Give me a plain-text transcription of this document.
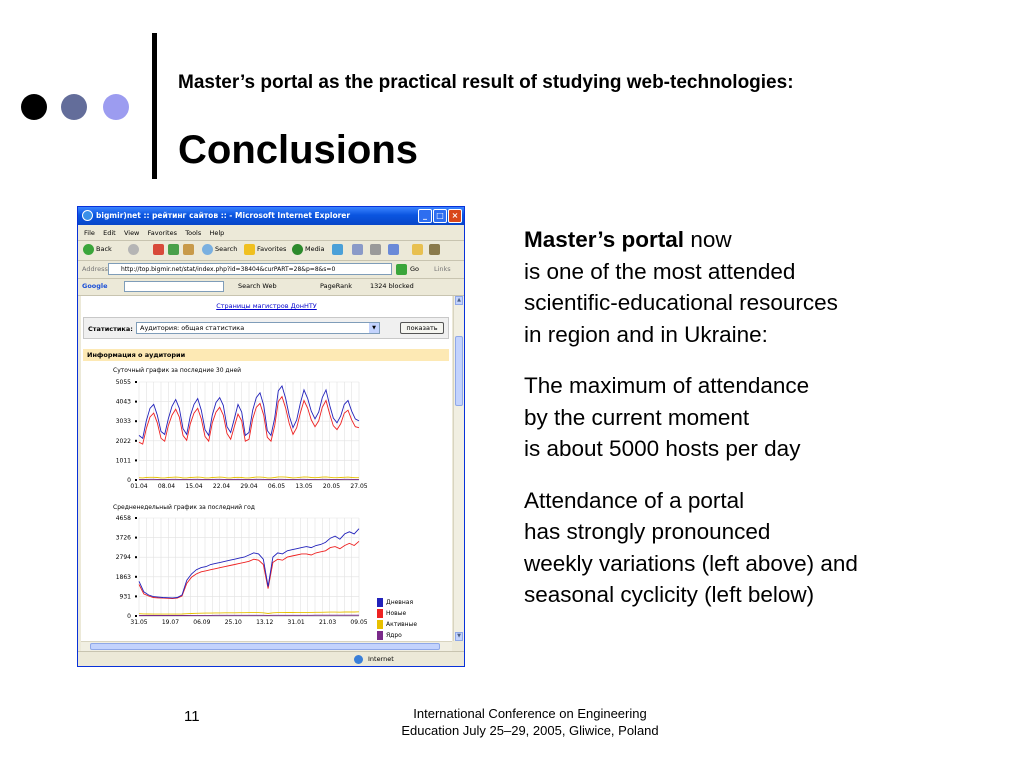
Master’s portal as the practical result of studying web-technologies:
Conclusions
Master’s portal now
is one of the most attended
scientific-educational resources
in region and in Ukraine:
The maximum of attendance
by the current moment
is about 5000 hosts per day
Attendance of a portal
has strongly pronounced
weekly variations (left above) and
seasonal cyclicity (left below)
11	International Conference on Engineering
Education July 25–29, 2005, Gliwice, Poland
bigmir)net :: рейтинг сайтов :: - Microsoft Internet Explorer	_	□ ×
File Edit View Favorites Tools Help
Back	Search	Favorites	Media
Address	http://top.bigmir.net/stat/index.php?id=38404&curPART=28&p=8&s=0	Go Links
Google	Search Web	PageRank	1324 blocked
Страницы магистров ДонНТУ
Статистика:	Аудитория: общая статистика	▼	показать
Информация о аудитории
Суточный график за последние 30 дней
5055
4043
3033
2022
1011
0
01.04 08.04 15.04 22.04 29.04 06.05 13.05 20.05 27.05
Средненедельный график за последний год
4658
3726
2794
1863
931
0
31.05 19.07 06.09 25.10 13.12 31.01 21.03 09.05
Дневная
Новые
Активные
Ядро
▲
▼
Internet
